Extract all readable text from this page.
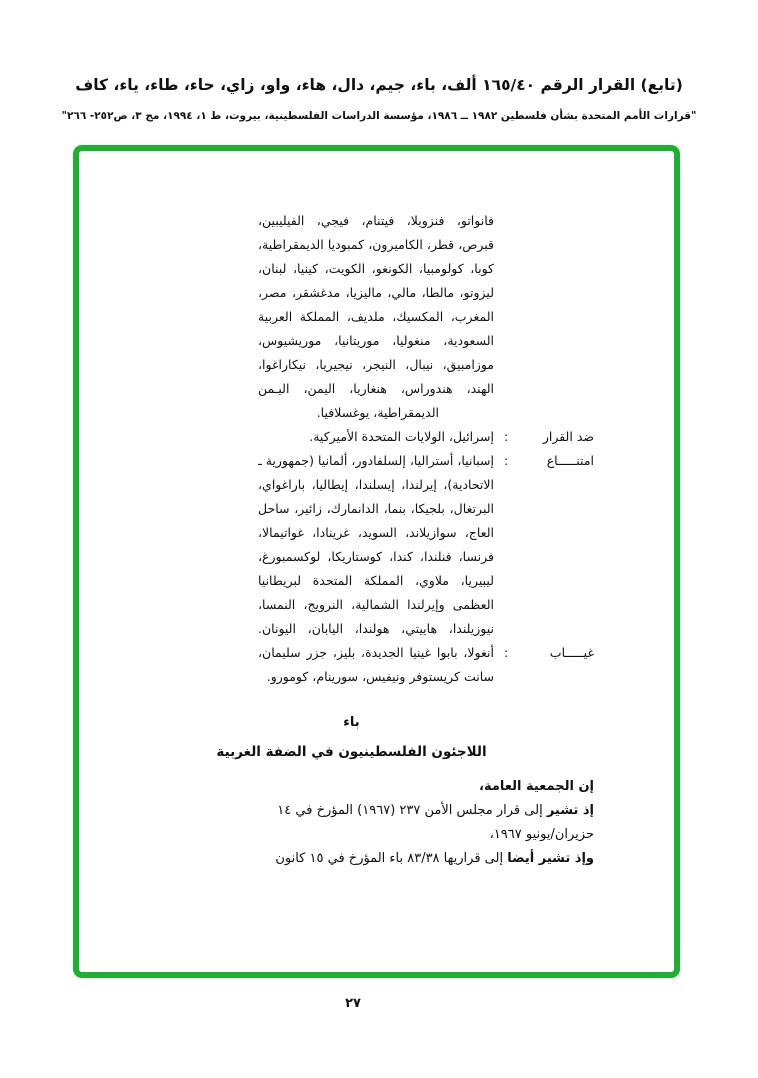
(تابع) القرار الرقم ١٦٥/٤٠ ألف، باء، جيم، دال، هاء، واو، زاي، حاء، طاء، ياء، كاف
"قرارات الأمم المتحدة بشأن فلسطين ١٩٨٢ ــ ١٩٨٦، مؤسسة الدراسات الفلسطينية، بيروت، ط ١، ١٩٩٤، مج ٣، ص٢٥٢- ٢٦٦"
فانواتو، فنزويلا، فيتنام، فيجي، الفيليبين،
قبرص، قطر، الكاميرون، كمبوديا الديمقراطية،
كوبا، كولومبيا، الكونغو، الكويت، كينيا، لبنان،
ليزوتو، مالطا، مالي، ماليزيا، مدغشقر، مصر،
المغرب، المكسيك، ملديف، المملكة العربية
السعودية، منغوليا، موريتانيا، موريشيوس،
موزامبيق، نيبال، النيجر، نيجيريا، نيكاراغوا،
الهند، هندوراس، هنغاريا، اليمن، اليـمن
الديمقراطية، يوغسلافيا.
ضد القرار
:
إسرائيل، الولايات المتحدة الأميركية.
امتنـــــاع
:
إسبانيا، أستراليا، إلسلفادور، ألمانيا (جمهورية ـ
الاتحادية)، إيرلندا، إيسلندا، إيطاليا، باراغواي،
البرتغال، بلجيكا، بنما، الدانمارك، زائير، ساحل
العاج، سوازيلاند، السويد، غرينادا، غواتيمالا،
فرنسا، فنلندا، كندا، كوستاريكا، لوكسمبورغ،
ليبيريا، ملاوي، المملكة المتحدة لبريطانيا
العظمى وإيرلندا الشمالية، النرويج، النمسا،
نيوزيلندا، هاييتي، هولندا، اليابان، اليونان.
غيـــــاب
:
أنغولا، بابوا غينيا الجديدة، بليز، جزر سليمان،
سانت كريستوفر ونيفيس، سورينام، كومورو.
باء
اللاجئون الفلسطينيون في الضفة الغربية
إن الجمعية العامة،
إذ تشير إلى قرار مجلس الأمن ٢٣٧ (١٩٦٧) المؤرخ في ١٤
حزيران/يونيو ١٩٦٧،
وإذ تشير أيضا إلى قراريها ٨٣/٣٨ باء المؤرخ في ١٥ كانون
٢٧
